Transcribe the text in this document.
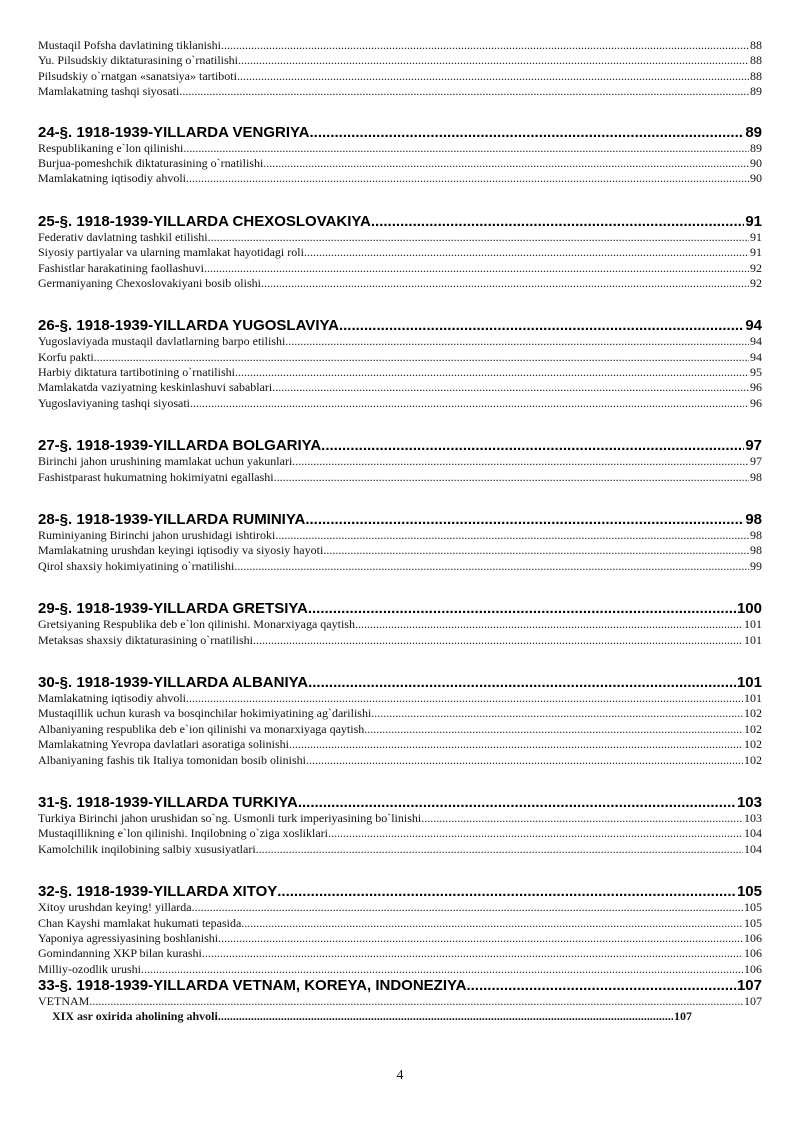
Mustaqil Pofsha davlatining tiklanishi .....	88
Yu. Pilsudskiy diktaturasining o`rnatilishi .....	88
Pilsudskiy o`rnatgan «sanatsiya» tartiboti .....	88
Mamlakatning tashqi siyosati .....	89
24-§. 1918-1939-YILLARDA VENGRIYA .....	89
Respublikaning e`lon qilinishi .....	89
Burjua-pomeshchik diktaturasining o`rnatilishi .....	90
Mamlakatning iqtisodiy ahvoli .....	90
25-§. 1918-1939-YILLARDA CHEXOSLOVAKIYA .....	91
Federativ davlatning tashkil etilishi .....	91
Siyosiy partiyalar va ularning mamlakat hayotidagi roli .....	91
Fashistlar harakatining faollashuvi .....	92
Germaniyaning Chexoslovakiyani bosib olishi .....	92
26-§. 1918-1939-YILLARDA YUGOSLAVIYA .....	94
Yugoslaviyada mustaqil davlatlarning barpo etilishi .....	94
Korfu pakti .....	94
Harbiy diktatura tartibotining o`rnatilishi .....	95
Mamlakatda vaziyatning keskinlashuvi sabablari .....	96
Yugoslaviyaning tashqi siyosati .....	96
27-§. 1918-1939-YILLARDA BOLGARIYA .....	97
Birinchi jahon urushining mamlakat uchun yakunlari .....	97
Fashistparast hukumatning hokimiyatni egallashi .....	98
28-§. 1918-1939-YILLARDA RUMINIYA .....	98
Ruminiyaning Birinchi jahon urushidagi ishtiroki .....	98
Mamlakatning urushdan keyingi iqtisodiy va siyosiy hayoti .....	98
Qirol shaxsiy hokimiyatining o`rnatilishi .....	99
29-§. 1918-1939-YILLARDA GRETSIYA .....	100
Gretsiyaning Respublika deb e`lon qilinishi. Monarxiyaga qaytish .....	101
Metaksas shaxsiy diktaturasining o`rnatilishi .....	101
30-§. 1918-1939-YILLARDA ALBANIYA .....	101
Mamlakatning iqtisodiy ahvoli .....	101
Mustaqillik uchun kurash va bosqinchilar hokimiyatining ag`darilishi .....	102
Albaniyaning respublika deb e`ion qilinishi va monarxiyaga qaytish .....	102
Mamlakatning Yevropa davlatlari asoratiga solinishi .....	102
Albaniyaning fashis tik Italiya tomonidan bosib olinishi .....	102
31-§. 1918-1939-YILLARDA TURKIYA .....	103
Turkiya Birinchi jahon urushidan so`ng. Usmonli turk imperiyasining bo`linishi .....	103
Mustaqillikning e`lon qilinishi. Inqilobning o`ziga xosliklari .....	104
Kamolchilik inqilobining salbiy xususiyatlari .....	104
32-§. 1918-1939-YILLARDA XITOY .....	105
Xitoy urushdan keying! yillarda .....	105
Chan Kayshi mamlakat hukumati tepasida .....	105
Yaponiya agressiyasining boshlanishi .....	106
Gomindanning XKP bilan kurashi .....	106
Milliy-ozodlik urushi .....	106
33-§. 1918-1939-YILLARDA VETNAM, KOREYA, INDONEZIYA .....	107
VETNAM .....	107
XIX asr oxirida aholining ahvoli .....	107
4
